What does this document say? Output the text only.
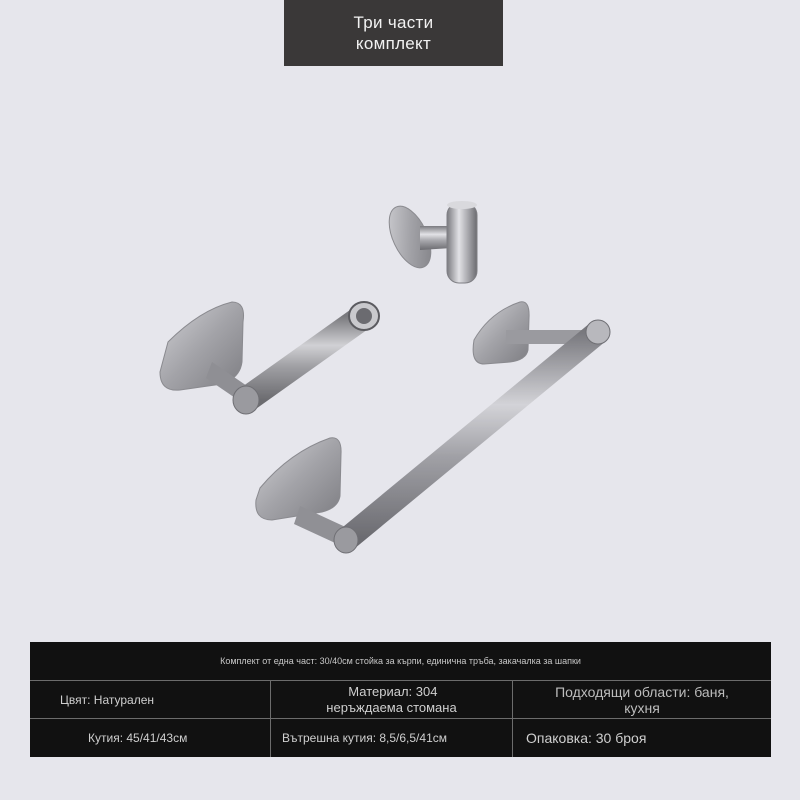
Три части
комплект
Комплект от една част: 30/40см стойка за кърпи, единична тръба, закачалка за шапки
Цвят: Натурален
Материал: 304
неръждаема стомана
Подходящи области: баня,
кухня
Кутия: 45/41/43см	Вътрешна кутия: 8,5/6,5/41см	Опаковка: 30 броя
